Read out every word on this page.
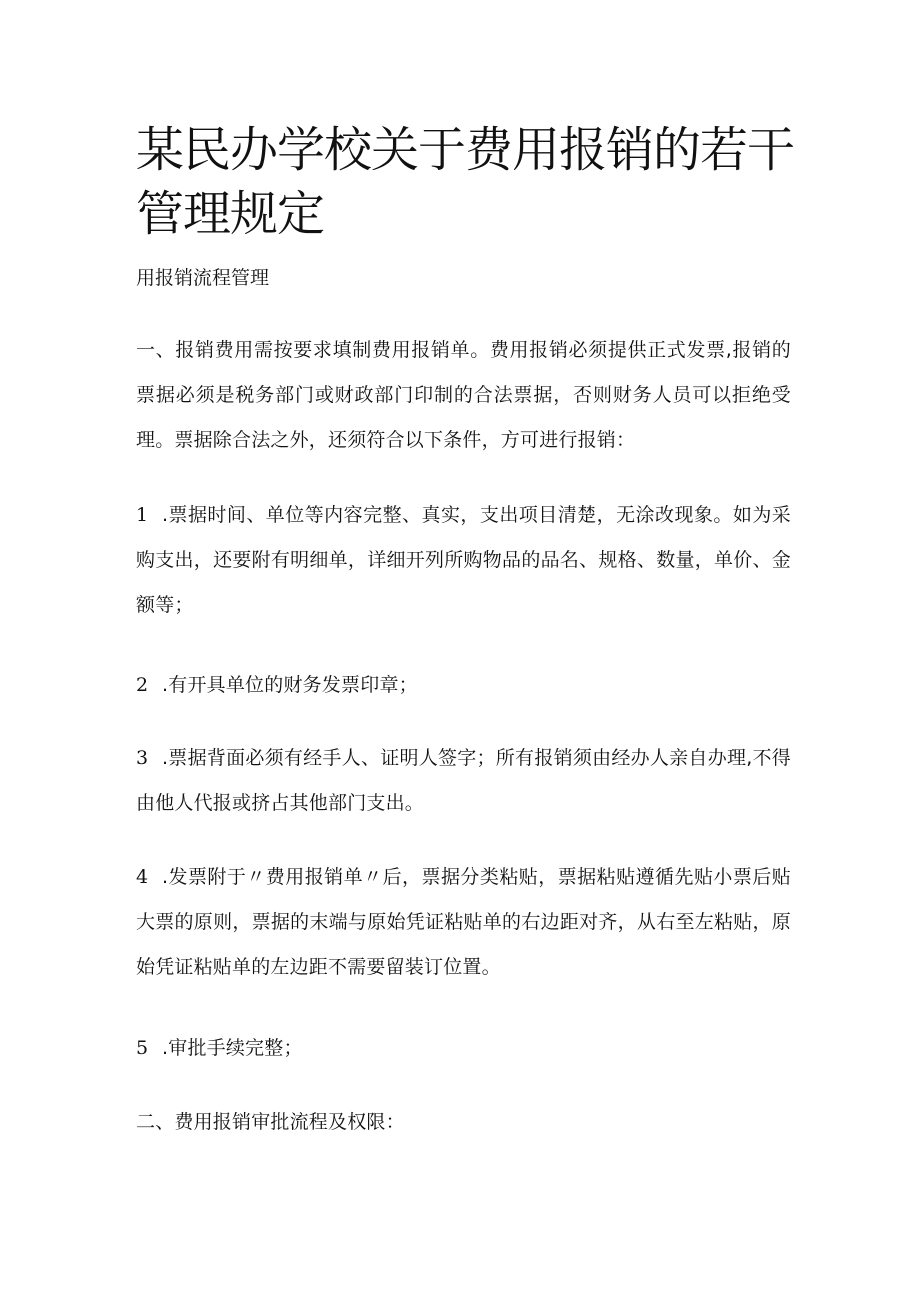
某民办学校关于费用报销的若干管理规定

用报销流程管理

一、报销费用需按要求填制费用报销单。费用报销必须提供正式发票,报销的票据必须是税务部门或财政部门印制的合法票据，否则财务人员可以拒绝受理。票据除合法之外，还须符合以下条件，方可进行报销：

1 .票据时间、单位等内容完整、真实，支出项目清楚，无涂改现象。如为采购支出，还要附有明细单，详细开列所购物品的品名、规格、数量，单价、金额等；

2 .有开具单位的财务发票印章；

3 .票据背面必须有经手人、证明人签字；所有报销须由经办人亲自办理,不得由他人代报或挤占其他部门支出。

4 .发票附于〃费用报销单〃后，票据分类粘贴，票据粘贴遵循先贴小票后贴大票的原则，票据的末端与原始凭证粘贴单的右边距对齐，从右至左粘贴，原始凭证粘贴单的左边距不需要留装订位置。

5 .审批手续完整；

二、费用报销审批流程及权限：
